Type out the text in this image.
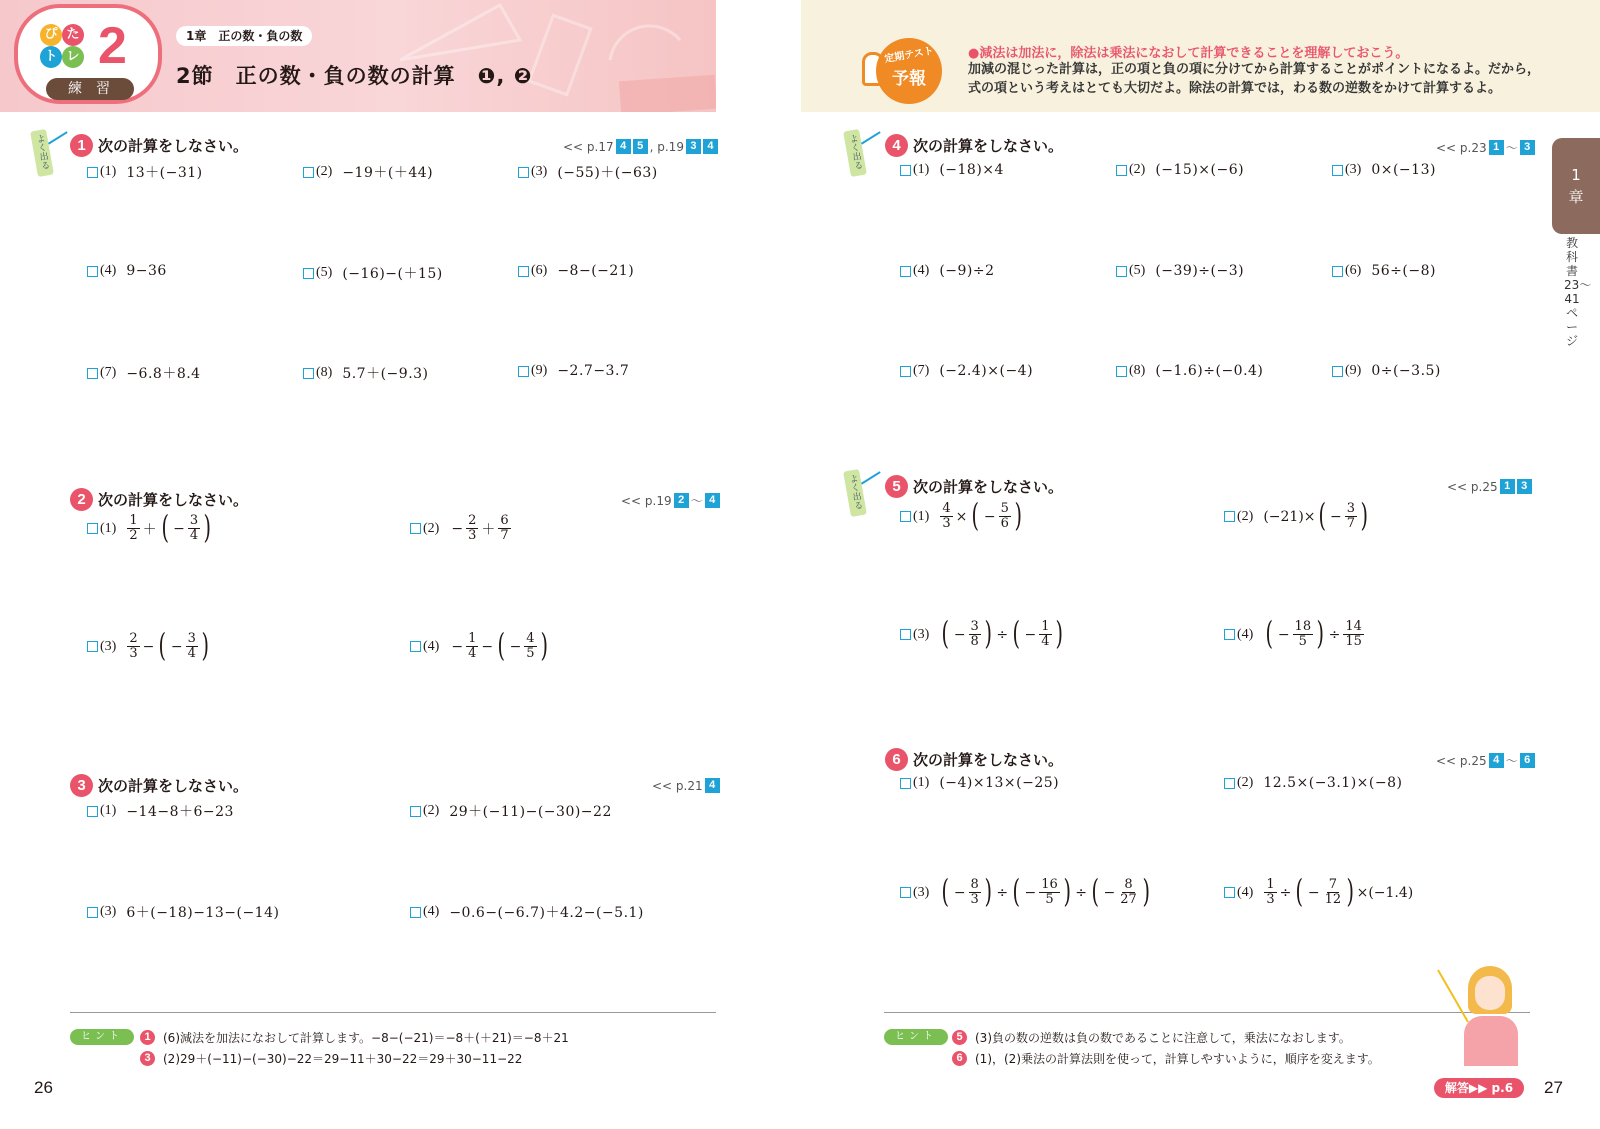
ぴ た
ト レ 2
練習
1章　正の数・負の数
2節　正の数・負の数の計算　❶, ❷
定期テスト
予報
●減法は加法に，除法は乗法になおして計算できることを理解しておこう。
加減の混じった計算は，正の項と負の項に分けてから計算することがポイントになるよ。だから，式の項という考えはとても大切だよ。除法の計算では，わる数の逆数をかけて計算するよ。
1
章
教科書23〜41ページ
よく出る	1 次の計算をしなさい。	<< p.17 4 5 , p.19 3 4
(1) 13＋(−31)	(2) −19＋(＋44)	(3) (−55)＋(−63)
(4) 9−36	(5) (−16)−(＋15)	(6) −8−(−21)
(7) −6.8＋8.4	(8) 5.7＋(−9.3)	(9) −2.7−3.7
2 次の計算をしなさい。	<< p.19 2 〜 4
$(1) \frac{1}{2}$ ＋ ( − $\frac{3}{4}$ )	$(2) - \frac{2}{3} + \frac{6}{7}$
$(3) \frac{2}{3}$ − ( − $\frac{3}{4}$ )	$(4) - \frac{1}{4}$ − ( − $\frac{4}{5}$ )
3 次の計算をしなさい。	<< p.21 4
(1) −14−8＋6−23	(2) 29＋(−11)−(−30)−22
(3) 6＋(−18)−13−(−14)	(4) −0.6−(−6.7)＋4.2−(−5.1)
よく出る	4 次の計算をしなさい。	<< p.23 1 〜 3
(1) (−18)×4	(2) (−15)×(−6)	(3) 0×(−13)
(4) (−9)÷2	(5) (−39)÷(−3)	(6) 56÷(−8)
(7) (−2.4)×(−4)	(8) (−1.6)÷(−0.4)	(9) 0÷(−3.5)
よく出る	5 次の計算をしなさい。	<< p.25 1 3
$(1) \frac{4}{3}$ × ( − $\frac{5}{6}$ )	(2) (−21)× ( − $\frac{3}{7}$ )
(3) ( − $\frac{3}{8}$ ) ÷ ( − $\frac{1}{4}$ )	(4) ( − $\frac{18}{5}$ ) ÷ $\frac{14}{15}$
6 次の計算をしなさい。	<< p.25 4 〜 6
(1) (−4)×13×(−25)	(2) 12.5×(−3.1)×(−8)
(3) ( − $\frac{8}{3}$ ) ÷ ( − $\frac{16}{5}$ ) ÷ ( − $\frac{8}{27}$ )	$(4) \frac{1}{3}$ ÷ ( − $\frac{7}{12}$ ) ×(−1.4)
ヒント	1	(6)減法を加法になおして計算します。−8−(−21)＝−8＋(＋21)＝−8＋21
3	(2)29＋(−11)−(−30)−22＝29−11＋30−22＝29＋30−11−22
ヒント	5	(3)負の数の逆数は負の数であることに注意して，乗法になおします。
6	(1)，(2)乗法の計算法則を使って，計算しやすいように，順序を変えます。
26	解答▶▶ p.6	27
